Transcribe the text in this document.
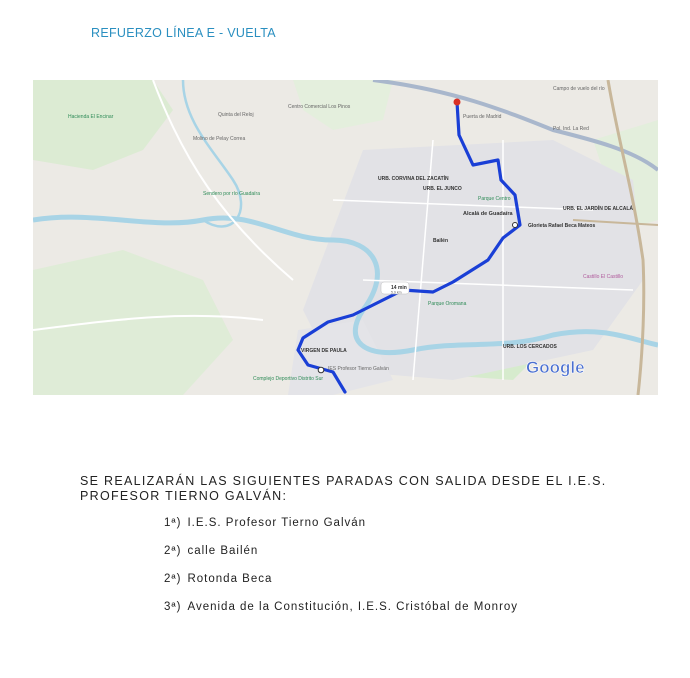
REFUERZO LÍNEA E - VUELTA
14 min
5,9 km
Hacienda El Encinar
Centro Comercial Los Pinos
Quinta del Reloj	Puerta de Madrid
URB. CORVINA DEL ZACATÍN
URB. EL JUNCO
Alcalá de Guadaíra
Glorieta Rafael Beca Mateos
Parque Centro
Bailén
Parque Oromana
URB. EL JARDÍN DE ALCALÁ
URB. LOS CERCADOS
Castillo El Castillo
VIRGEN DE PAULA
IES Profesor Tierno Galván
Complejo Deportivo Distrito Sur
Sendero por río Guadaíra
Molino de Pelay Correa
Campo de vuelo del río
Pol. Ind. La Red
Google
SE REALIZARÁN LAS SIGUIENTES PARADAS CON SALIDA DESDE EL I.E.S.
PROFESOR TIERNO GALVÁN:
1ª) I.E.S. Profesor Tierno Galván
2ª) calle Bailén
2ª) Rotonda Beca
3ª) Avenida de la Constitución, I.E.S. Cristóbal de Monroy
